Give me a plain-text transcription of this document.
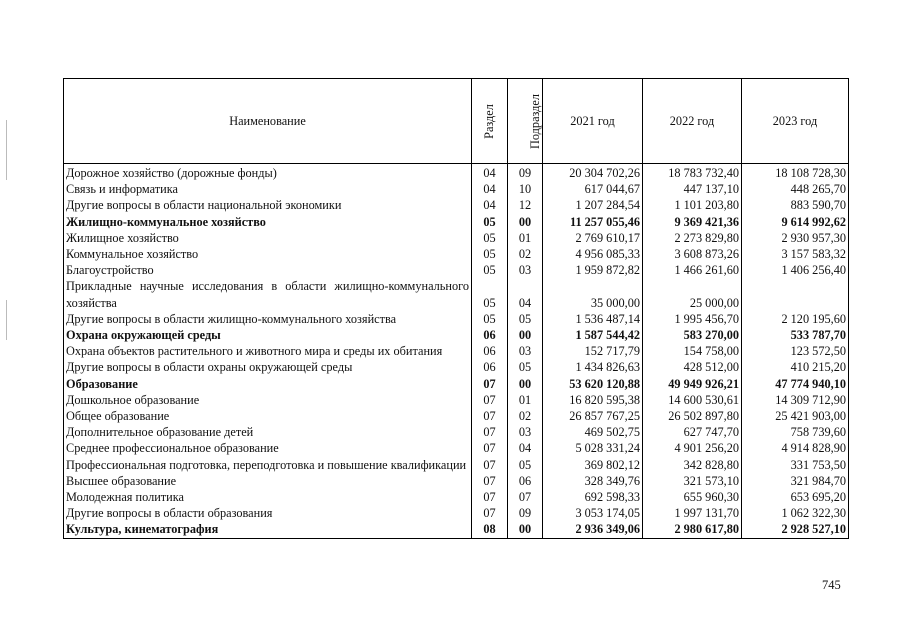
Наименование	Раздел	Подраздел	2021 год	2022 год	2023 год
Дорожное хозяйство (дорожные фонды)	04	09	20 304 702,26	18 783 732,40	18 108 728,30
Связь и информатика	04	10	617 044,67	447 137,10	448 265,70
Другие вопросы в области национальной экономики	04	12	1 207 284,54	1 101 203,80	883 590,70
Жилищно-коммунальное хозяйство	05	00	11 257 055,46	9 369 421,36	9 614 992,62
Жилищное хозяйство	05	01	2 769 610,17	2 273 829,80	2 930 957,30
Коммунальное хозяйство	05	02	4 956 085,33	3 608 873,26	3 157 583,32
Благоустройство	05	03	1 959 872,82	1 466 261,60	1 406 256,40
Прикладные научные исследования в области жилищно-коммунального хозяйства	05	04	35 000,00	25 000,00	
Другие вопросы в области жилищно-коммунального хозяйства	05	05	1 536 487,14	1 995 456,70	2 120 195,60
Охрана окружающей среды	06	00	1 587 544,42	583 270,00	533 787,70
Охрана объектов растительного и животного мира и среды их обитания	06	03	152 717,79	154 758,00	123 572,50
Другие вопросы в области охраны окружающей среды	06	05	1 434 826,63	428 512,00	410 215,20
Образование	07	00	53 620 120,88	49 949 926,21	47 774 940,10
Дошкольное образование	07	01	16 820 595,38	14 600 530,61	14 309 712,90
Общее образование	07	02	26 857 767,25	26 502 897,80	25 421 903,00
Дополнительное образование детей	07	03	469 502,75	627 747,70	758 739,60
Среднее профессиональное образование	07	04	5 028 331,24	4 901 256,20	4 914 828,90
Профессиональная подготовка, переподготовка и повышение квалификации	07	05	369 802,12	342 828,80	331 753,50
Высшее образование	07	06	328 349,76	321 573,10	321 984,70
Молодежная политика	07	07	692 598,33	655 960,30	653 695,20
Другие вопросы в области образования	07	09	3 053 174,05	1 997 131,70	1 062 322,30
Культура, кинематография	08	00	2 936 349,06	2 980 617,80	2 928 527,10
745
